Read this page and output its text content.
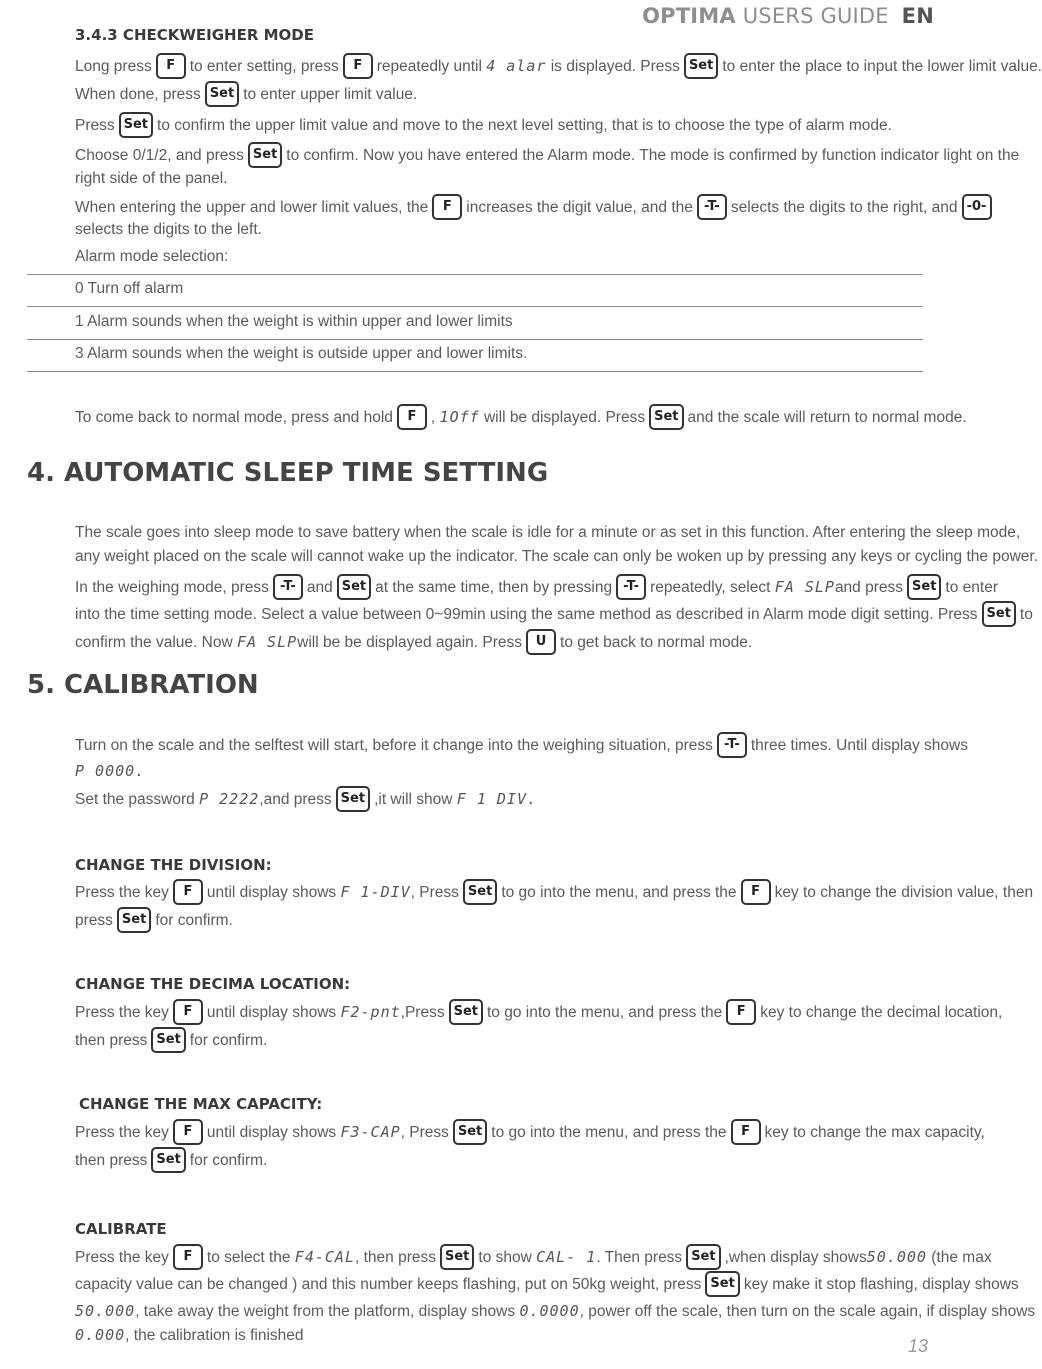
OPTIMA USERS GUIDE EN
3.4.3 CHECKWEIGHER MODE
Long press F to enter setting, press F repeatedly until 4 alar is displayed. Press Set to enter the place to input the lower limit value.
When done, press Set to enter upper limit value.
Press Set to confirm the upper limit value and move to the next level setting, that is to choose the type of alarm mode.
Choose 0/1/2, and press Set to confirm. Now you have entered the Alarm mode. The mode is confirmed by function indicator light on the
right side of the panel.
When entering the upper and lower limit values, the F increases the digit value, and the -T- selects the digits to the right, and -0-
selects the digits to the left.
Alarm mode selection:
0 Turn off alarm
1 Alarm sounds when the weight is within upper and lower limits
3 Alarm sounds when the weight is outside upper and lower limits.
To come back to normal mode, press and hold F , 1Off will be displayed. Press Set and the scale will return to normal mode.
4. AUTOMATIC SLEEP TIME SETTING
The scale goes into sleep mode to save battery when the scale is idle for a minute or as set in this function. After entering the sleep mode,
any weight placed on the scale will cannot wake up the indicator. The scale can only be woken up by pressing any keys or cycling the power.
In the weighing mode, press -T- and Set at the same time, then by pressing -T- repeatedly, select FA SLPand press Set to enter
into the time setting mode. Select a value between 0~99min using the same method as described in Alarm mode digit setting. Press Set to
confirm the value. Now FA SLPwill be be displayed again. Press U to get back to normal mode.
5. CALIBRATION
Turn on the scale and the selftest will start, before it change into the weighing situation, press -T- three times. Until display shows
P 0000.
Set the password P 2222,and press Set ,it will show F 1 DIV.
CHANGE THE DIVISION:
Press the key F until display shows F 1-DIV, Press Set to go into the menu, and press the F key to change the division value, then
press Set for confirm.
CHANGE THE DECIMA LOCATION:
Press the key F until display shows F2-pnt,Press Set to go into the menu, and press the F key to change the decimal location,
then press Set for confirm.
CHANGE THE MAX CAPACITY:
Press the key F until display shows F3-CAP, Press Set to go into the menu, and press the F key to change the max capacity,
then press Set for confirm.
CALIBRATE
Press the key F to select the F4-CAL, then press Set to show CAL- 1. Then press Set ,when display shows50.000 (the max
capacity value can be changed ) and this number keeps flashing, put on 50kg weight, press Set key make it stop flashing, display shows
50.000, take away the weight from the platform, display shows 0.0000, power off the scale, then turn on the scale again, if display shows
0.000, the calibration is finished
13
